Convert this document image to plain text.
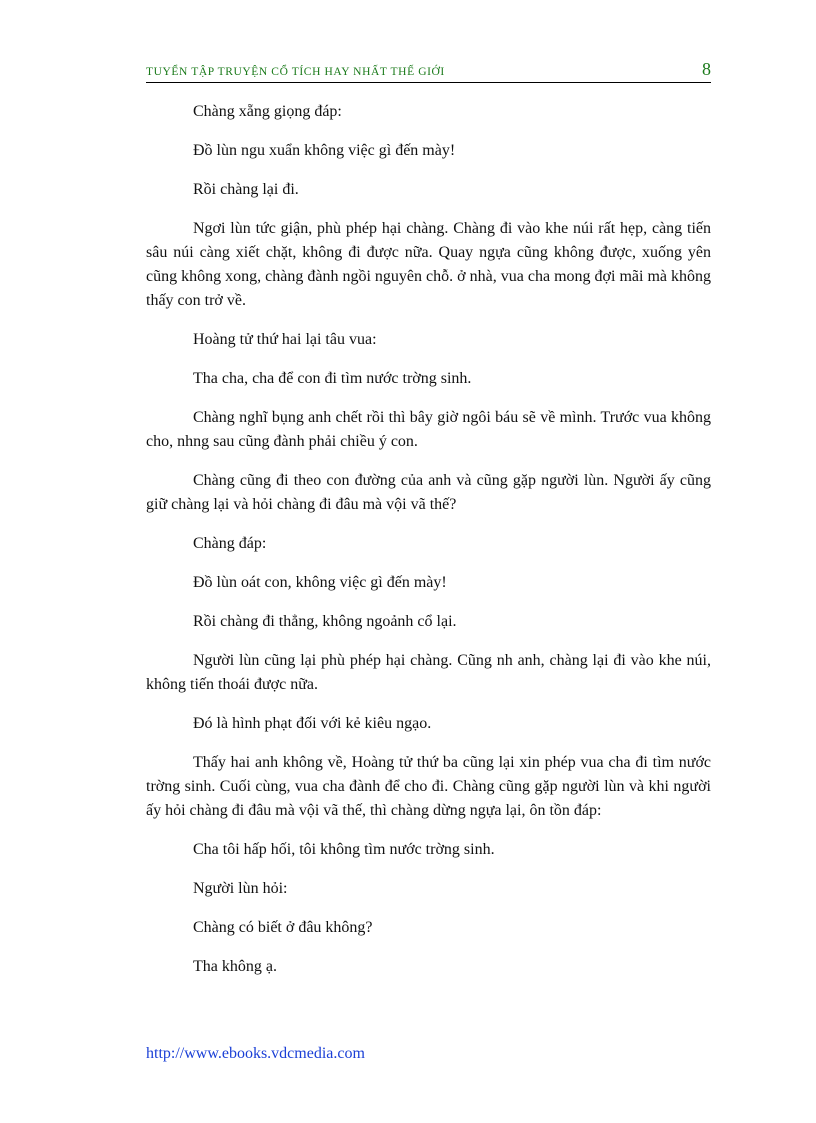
TUYỂN TẬP TRUYỆN CỔ TÍCH HAY NHẤT THẾ GIỚI	8

Chàng xẵng giọng đáp:

Đồ lùn ngu xuẩn không việc gì đến mày!

Rồi chàng lại đi.

Ngơi lùn tức giận, phù phép hại chàng. Chàng đi vào khe núi rất hẹp, càng tiến sâu núi càng xiết chặt, không đi được nữa. Quay ngựa cũng không được, xuống yên cũng không xong, chàng đành ngồi nguyên chỗ. ở nhà, vua cha mong đợi mãi mà không thấy con trở về.

Hoàng tử thứ hai lại tâu vua:

Tha cha, cha để con đi tìm nước trờng sinh.

Chàng nghĩ bụng anh chết rồi thì bây giờ ngôi báu sẽ về mình. Trước vua không cho, nhng sau cũng đành phải chiều ý con.

Chàng cũng đi theo con đường của anh và cũng gặp người lùn. Người ấy cũng giữ chàng lại và hỏi chàng đi đâu mà vội vã thế?

Chàng đáp:

Đồ lùn oát con, không việc gì đến mày!

Rồi chàng đi thẳng, không ngoảnh cổ lại.

Người lùn cũng lại phù phép hại chàng. Cũng nh anh, chàng lại đi vào khe núi, không tiến thoái được nữa.

Đó là hình phạt đối với kẻ kiêu ngạo.

Thấy hai anh không về, Hoàng tử thứ ba cũng lại xin phép vua cha đi tìm nước trờng sinh. Cuối cùng, vua cha đành để cho đi. Chàng cũng gặp người lùn và khi người ấy hỏi chàng đi đâu mà vội vã thế, thì chàng dừng ngựa lại, ôn tồn đáp:

Cha tôi hấp hối, tôi không tìm nước trờng sinh.

Người lùn hỏi:

Chàng có biết ở đâu không?

Tha không ạ.

http://www.ebooks.vdcmedia.com
